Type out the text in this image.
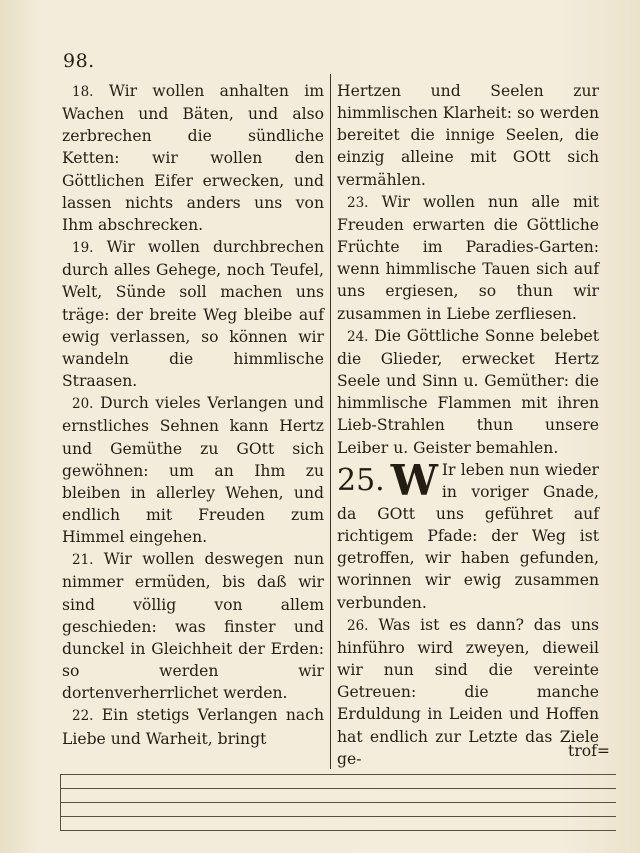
98.

18. Wir wollen anhalten im Wachen und Bäten, und also zerbrechen die sündliche Ketten: wir wollen den Göttlichen Eifer erwecken, und lassen nichts anders uns von Ihm abschrecken.

19. Wir wollen durchbrechen durch alles Gehege, noch Teufel, Welt, Sünde soll machen uns träge: der breite Weg bleibe auf ewig verlassen, so können wir wandeln die himmlische Straasen.

20. Durch vieles Verlangen und ernstliches Sehnen kann Hertz und Gemüthe zu GOtt sich gewöhnen: um an Ihm zu bleiben in allerley Wehen, und endlich mit Freuden zum Himmel eingehen.

21. Wir wollen deswegen nun nimmer ermüden, bis daß wir sind völlig von allem geschieden: was finster und dunckel in Gleichheit der Erden: so werden wir dortenverherrlichet werden.

22. Ein stetigs Verlangen nach Liebe und Warheit, bringt

Hertzen und Seelen zur himmlischen Klarheit: so werden bereitet die innige Seelen, die einzig alleine mit GOtt sich vermählen.

23. Wir wollen nun alle mit Freuden erwarten die Göttliche Früchte im Paradies-Garten: wenn himmlische Tauen sich auf uns ergiesen, so thun wir zusammen in Liebe zerfliesen.

24. Die Göttliche Sonne belebet die Glieder, erwecket Hertz Seele und Sinn u. Gemüther: die himmlische Flammen mit ihren Lieb-Strahlen thun unsere Leiber u. Geister bemahlen.

25. W Ir leben nun wieder in voriger Gnade, da GOtt uns geführet auf richtigem Pfade: der Weg ist getroffen, wir haben gefunden, worinnen wir ewig zusammen verbunden.

26. Was ist es dann? das uns hinführo wird zweyen, dieweil wir nun sind die vereinte Getreuen: die manche Erduldung in Leiden und Hoffen hat endlich zur Letzte das Ziele ge-	trof=
